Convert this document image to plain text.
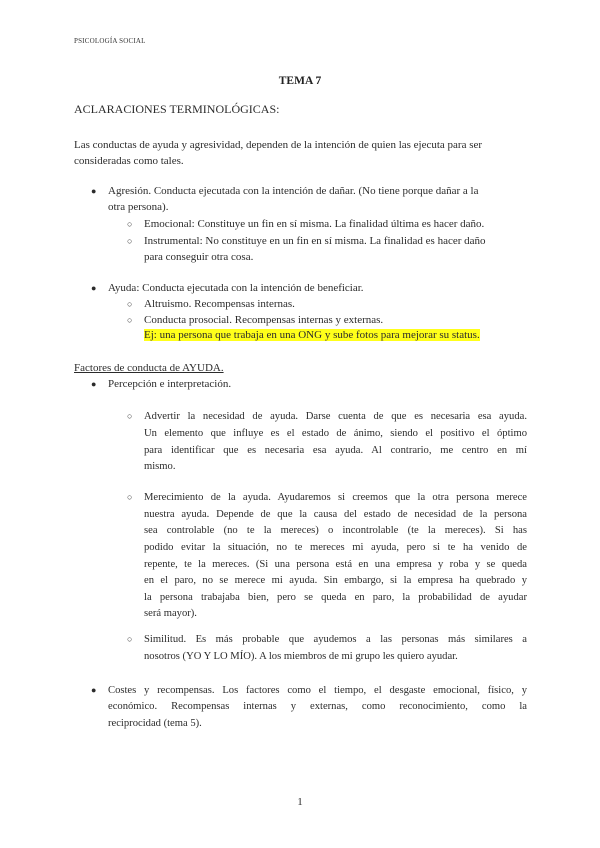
PSICOLOGÍA SOCIAL
TEMA 7
ACLARACIONES TERMINOLÓGICAS:
Las conductas de ayuda y agresividad, dependen de la intención de quien las ejecuta para ser
consideradas como tales.
● Agresión. Conducta ejecutada con la intención de dañar. (No tiene porque dañar a la
otra persona).
○ Emocional: Constituye un fin en sí misma. La finalidad última es hacer daño.
○ Instrumental: No constituye en un fin en sí misma. La finalidad es hacer daño
para conseguir otra cosa.
● Ayuda: Conducta ejecutada con la intención de beneficiar.
○ Altruismo. Recompensas internas.
○ Conducta prosocial. Recompensas internas y externas.
Ej: una persona que trabaja en una ONG y sube fotos para mejorar su status.
Factores de conducta de AYUDA.
● Percepción e interpretación.
○ Advertir la necesidad de ayuda. Darse cuenta de que es necesaria esa ayuda.
Un elemento que influye es el estado de ánimo, siendo el positivo el óptimo
para identificar que es necesaria esa ayuda. Al contrario, me centro en mí
mismo.
○ Merecimiento de la ayuda. Ayudaremos si creemos que la otra persona merece
nuestra ayuda. Depende de que la causa del estado de necesidad de la persona
sea controlable (no te la mereces) o incontrolable (te la mereces). Si has
podido evitar la situación, no te mereces mi ayuda, pero si te ha venido de
repente, te la mereces. (Si una persona está en una empresa y roba y se queda
en el paro, no se merece mi ayuda. Sin embargo, si la empresa ha quebrado y
la persona trabajaba bien, pero se queda en paro, la probabilidad de ayudar
será mayor).
○ Similitud. Es más probable que ayudemos a las personas más similares a
nosotros (YO Y LO MÍO). A los miembros de mi grupo les quiero ayudar.
● Costes y recompensas. Los factores como el tiempo, el desgaste emocional, físico, y
económico. Recompensas internas y externas, como reconocimiento, como la
reciprocidad (tema 5).
1
